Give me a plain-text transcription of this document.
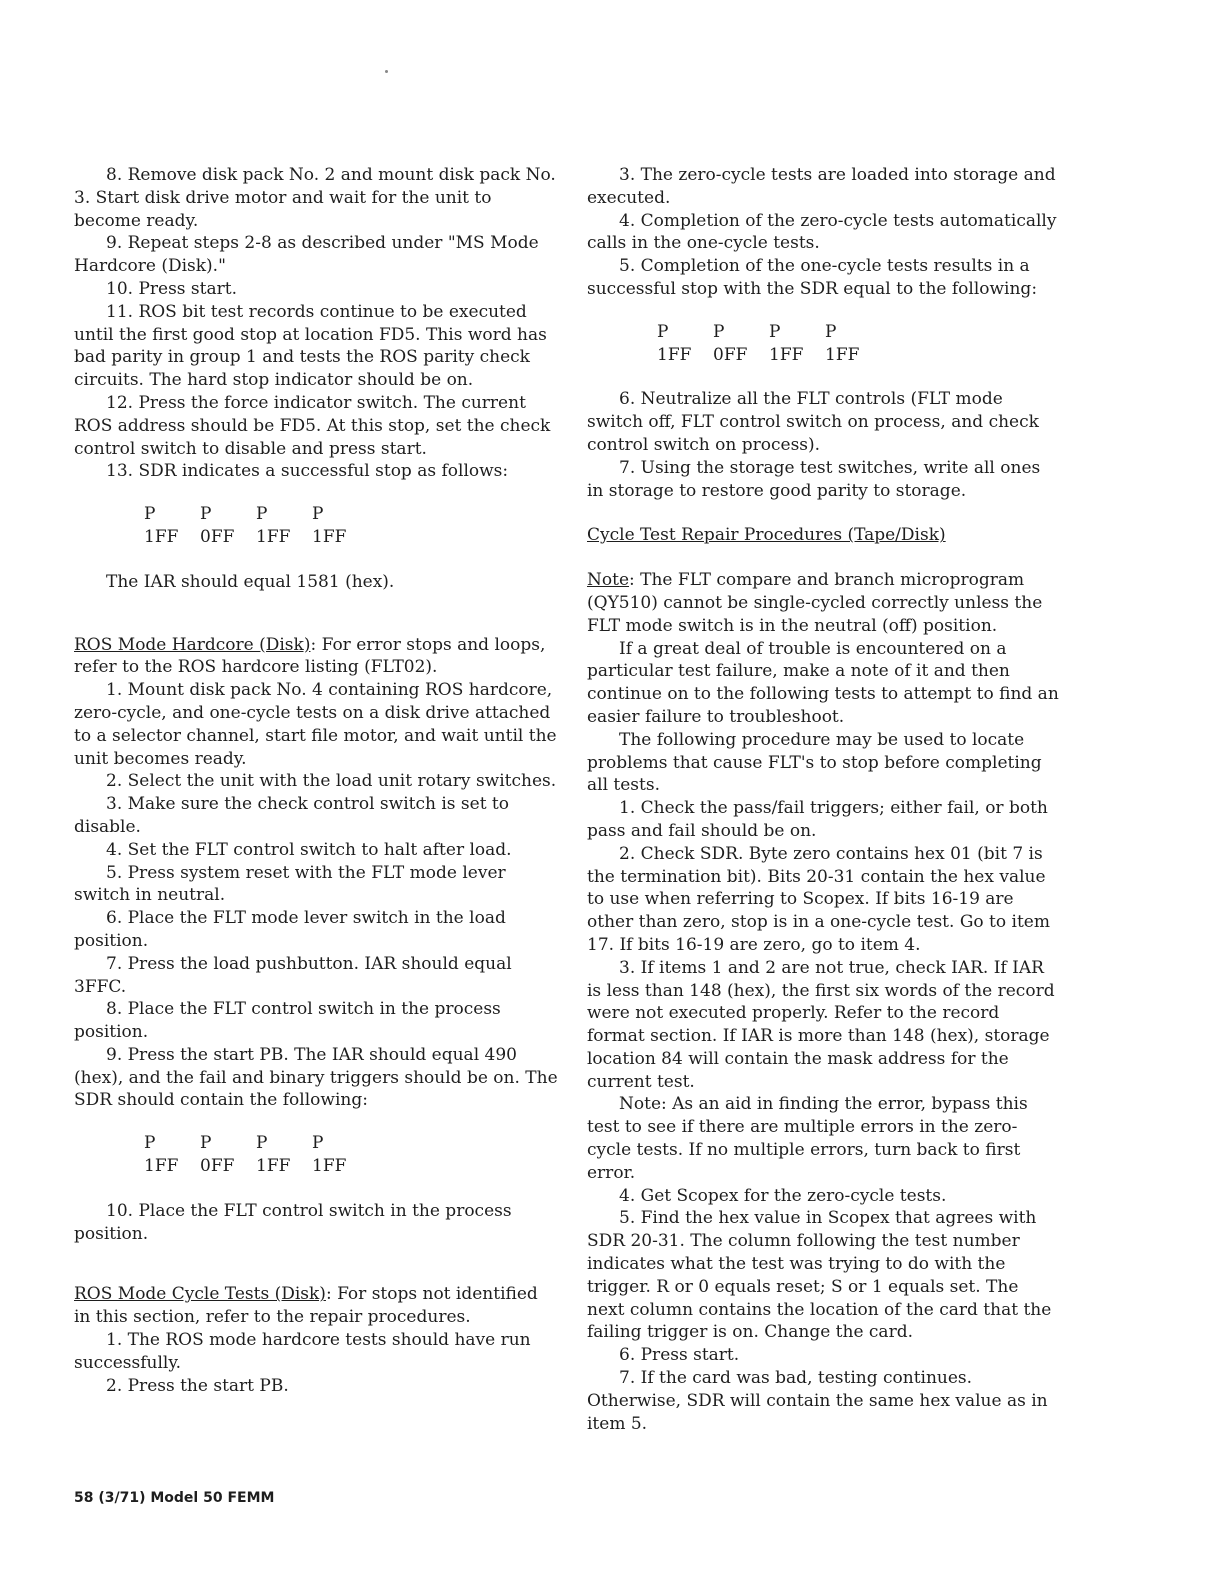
8. Remove disk pack No. 2 and mount disk pack No. 3. Start disk drive motor and wait for the unit to become ready.

9. Repeat steps 2-8 as described under "MS Mode Hardcore (Disk)."

10. Press start.

11. ROS bit test records continue to be executed until the first good stop at location FD5. This word has bad parity in group 1 and tests the ROS parity check circuits. The hard stop indicator should be on.

12. Press the force indicator switch. The current ROS address should be FD5. At this stop, set the check control switch to disable and press start.

13. SDR indicates a successful stop as follows:

P	P	P	P
1FF	0FF	1FF	1FF

The IAR should equal 1581 (hex).

ROS Mode Hardcore (Disk): For error stops and loops, refer to the ROS hardcore listing (FLT02).

1. Mount disk pack No. 4 containing ROS hardcore, zero-cycle, and one-cycle tests on a disk drive attached to a selector channel, start file motor, and wait until the unit becomes ready.

2. Select the unit with the load unit rotary switches.

3. Make sure the check control switch is set to disable.

4. Set the FLT control switch to halt after load.

5. Press system reset with the FLT mode lever switch in neutral.

6. Place the FLT mode lever switch in the load position.

7. Press the load pushbutton. IAR should equal 3FFC.

8. Place the FLT control switch in the process position.

9. Press the start PB. The IAR should equal 490 (hex), and the fail and binary triggers should be on. The SDR should contain the following:

P	P	P	P
1FF	0FF	1FF	1FF

10. Place the FLT control switch in the process position.

ROS Mode Cycle Tests (Disk): For stops not identified in this section, refer to the repair procedures.

1. The ROS mode hardcore tests should have run successfully.

2. Press the start PB.

3. The zero-cycle tests are loaded into storage and executed.

4. Completion of the zero-cycle tests automatically calls in the one-cycle tests.

5. Completion of the one-cycle tests results in a successful stop with the SDR equal to the following:

P	P	P	P
1FF	0FF	1FF	1FF

6. Neutralize all the FLT controls (FLT mode switch off, FLT control switch on process, and check control switch on process).

7. Using the storage test switches, write all ones in storage to restore good parity to storage.

Cycle Test Repair Procedures (Tape/Disk)

Note: The FLT compare and branch microprogram (QY510) cannot be single-cycled correctly unless the FLT mode switch is in the neutral (off) position.

If a great deal of trouble is encountered on a particular test failure, make a note of it and then continue on to the following tests to attempt to find an easier failure to troubleshoot.

The following procedure may be used to locate problems that cause FLT's to stop before completing all tests.

1. Check the pass/fail triggers; either fail, or both pass and fail should be on.

2. Check SDR. Byte zero contains hex 01 (bit 7 is the termination bit). Bits 20-31 contain the hex value to use when referring to Scopex. If bits 16-19 are other than zero, stop is in a one-cycle test. Go to item 17. If bits 16-19 are zero, go to item 4.

3. If items 1 and 2 are not true, check IAR. If IAR is less than 148 (hex), the first six words of the record were not executed properly. Refer to the record format section. If IAR is more than 148 (hex), storage location 84 will contain the mask address for the current test.

Note: As an aid in finding the error, bypass this test to see if there are multiple errors in the zero-cycle tests. If no multiple errors, turn back to first error.

4. Get Scopex for the zero-cycle tests.

5. Find the hex value in Scopex that agrees with SDR 20-31. The column following the test number indicates what the test was trying to do with the trigger. R or 0 equals reset; S or 1 equals set. The next column contains the location of the card that the failing trigger is on. Change the card.

6. Press start.

7. If the card was bad, testing continues. Otherwise, SDR will contain the same hex value as in item 5.

58 (3/71) Model 50 FEMM
